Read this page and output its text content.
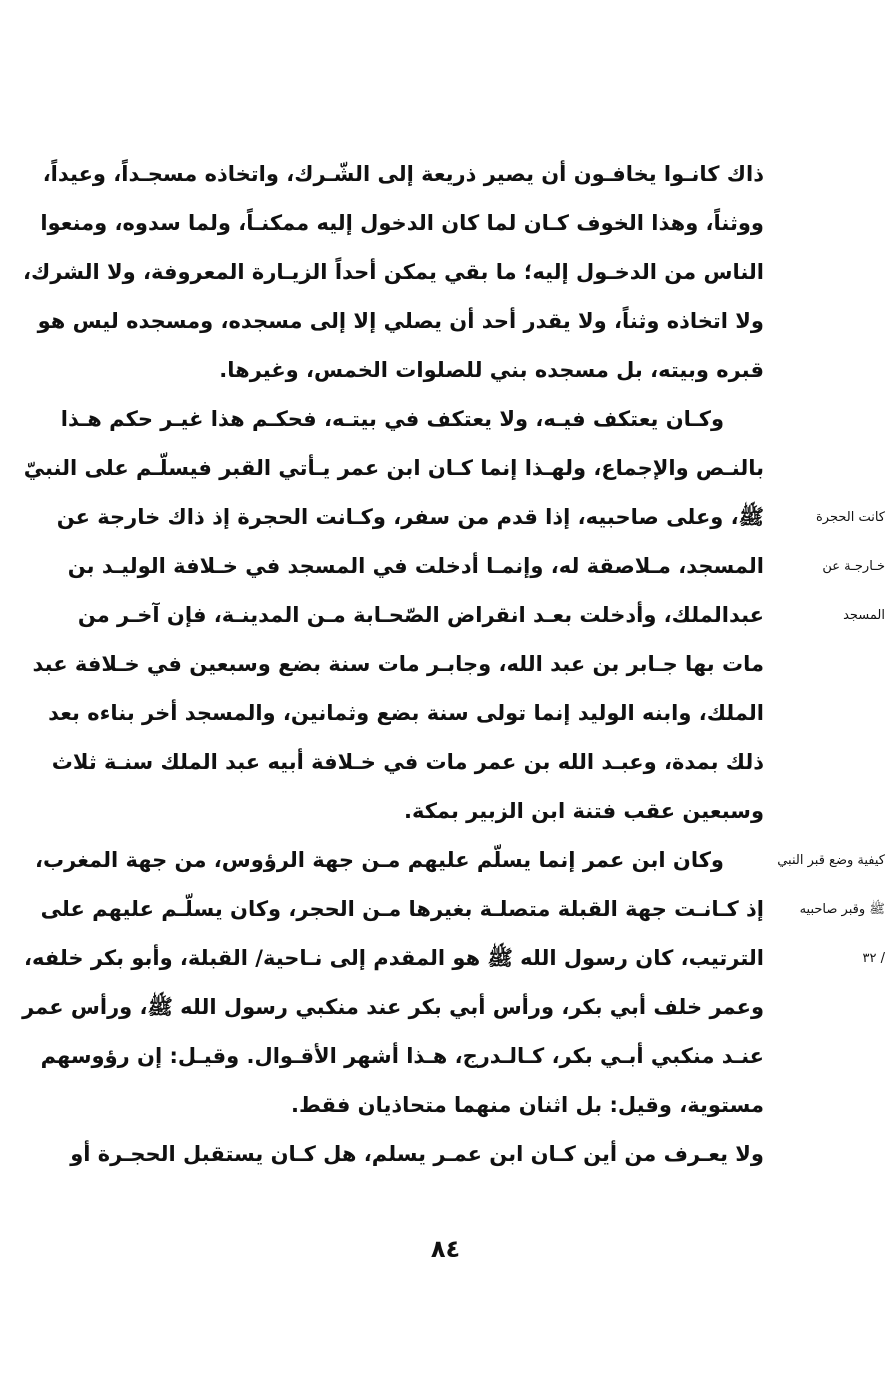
ذاك كانـوا يخافـون أن يصير ذريعة إلى الشّـرك، واتخاذه مسجـداً، وعيداً،
ووثناً، وهذا الخوف كـان لما كان الدخول إليه ممكنـاً، ولما سدوه، ومنعوا
الناس من الدخـول إليه؛ ما بقي يمكن أحداً الزيـارة المعروفة، ولا الشرك،
ولا اتخاذه وثناً، ولا يقدر أحد أن يصلي إلا إلى مسجده، ومسجده ليس هو
قبره وبيته، بل مسجده بني للصلوات الخمس، وغيرها.
وكـان يعتكف فيـه، ولا يعتكف في بيتـه، فحكـم هذا غيـر حكم هـذا
بالنـص والإجماع، ولهـذا إنما كـان ابن عمر يـأتي القبر فيسلّـم على النبيّ
ﷺ، وعلى صاحبيه، إذا قدم من سفر، وكـانت الحجرة إذ ذاك خارجة عن
المسجد، مـلاصقة له، وإنمـا أدخلت في المسجد في خـلافة الوليـد بن
عبدالملك، وأدخلت بعـد انقراض الصّحـابة مـن المدينـة، فإن آخـر من
مات بها جـابر بن عبد الله، وجابـر مات سنة بضع وسبعين في خـلافة عبد
الملك، وابنه الوليد إنما تولى سنة بضع وثمانين، والمسجد أخر بناءه بعد
ذلك بمدة، وعبـد الله بن عمر مات في خـلافة أبيه عبد الملك سنـة ثلاث
وسبعين عقب فتنة ابن الزبير بمكة.
وكان ابن عمر إنما يسلّم عليهم مـن جهة الرؤوس، من جهة المغرب،
إذ كـانـت جهة القبلة متصلـة بغيرها مـن الحجر، وكان يسلّـم عليهم على
الترتيب، كان رسول الله ﷺ هو المقدم إلى نـاحية/ القبلة، وأبو بكر خلفه،
وعمر خلف أبي بكر، ورأس أبي بكر عند منكبي رسول الله ﷺ، ورأس عمر
عنـد منكبي أبـي بكر، كـالـدرج، هـذا أشهر الأقـوال. وقيـل: إن رؤوسهم
مستوية، وقيل: بل اثنان منهما متحاذيان فقط.
ولا يعـرف من أين كـان ابن عمـر يسلم، هل كـان يستقبل الحجـرة أو
كانت الحجرة
خـارجـة عن
المسجد
كيفية وضع قبر النبي
ﷺ وقبر صاحبيه
/ ٣٢
٨٤
